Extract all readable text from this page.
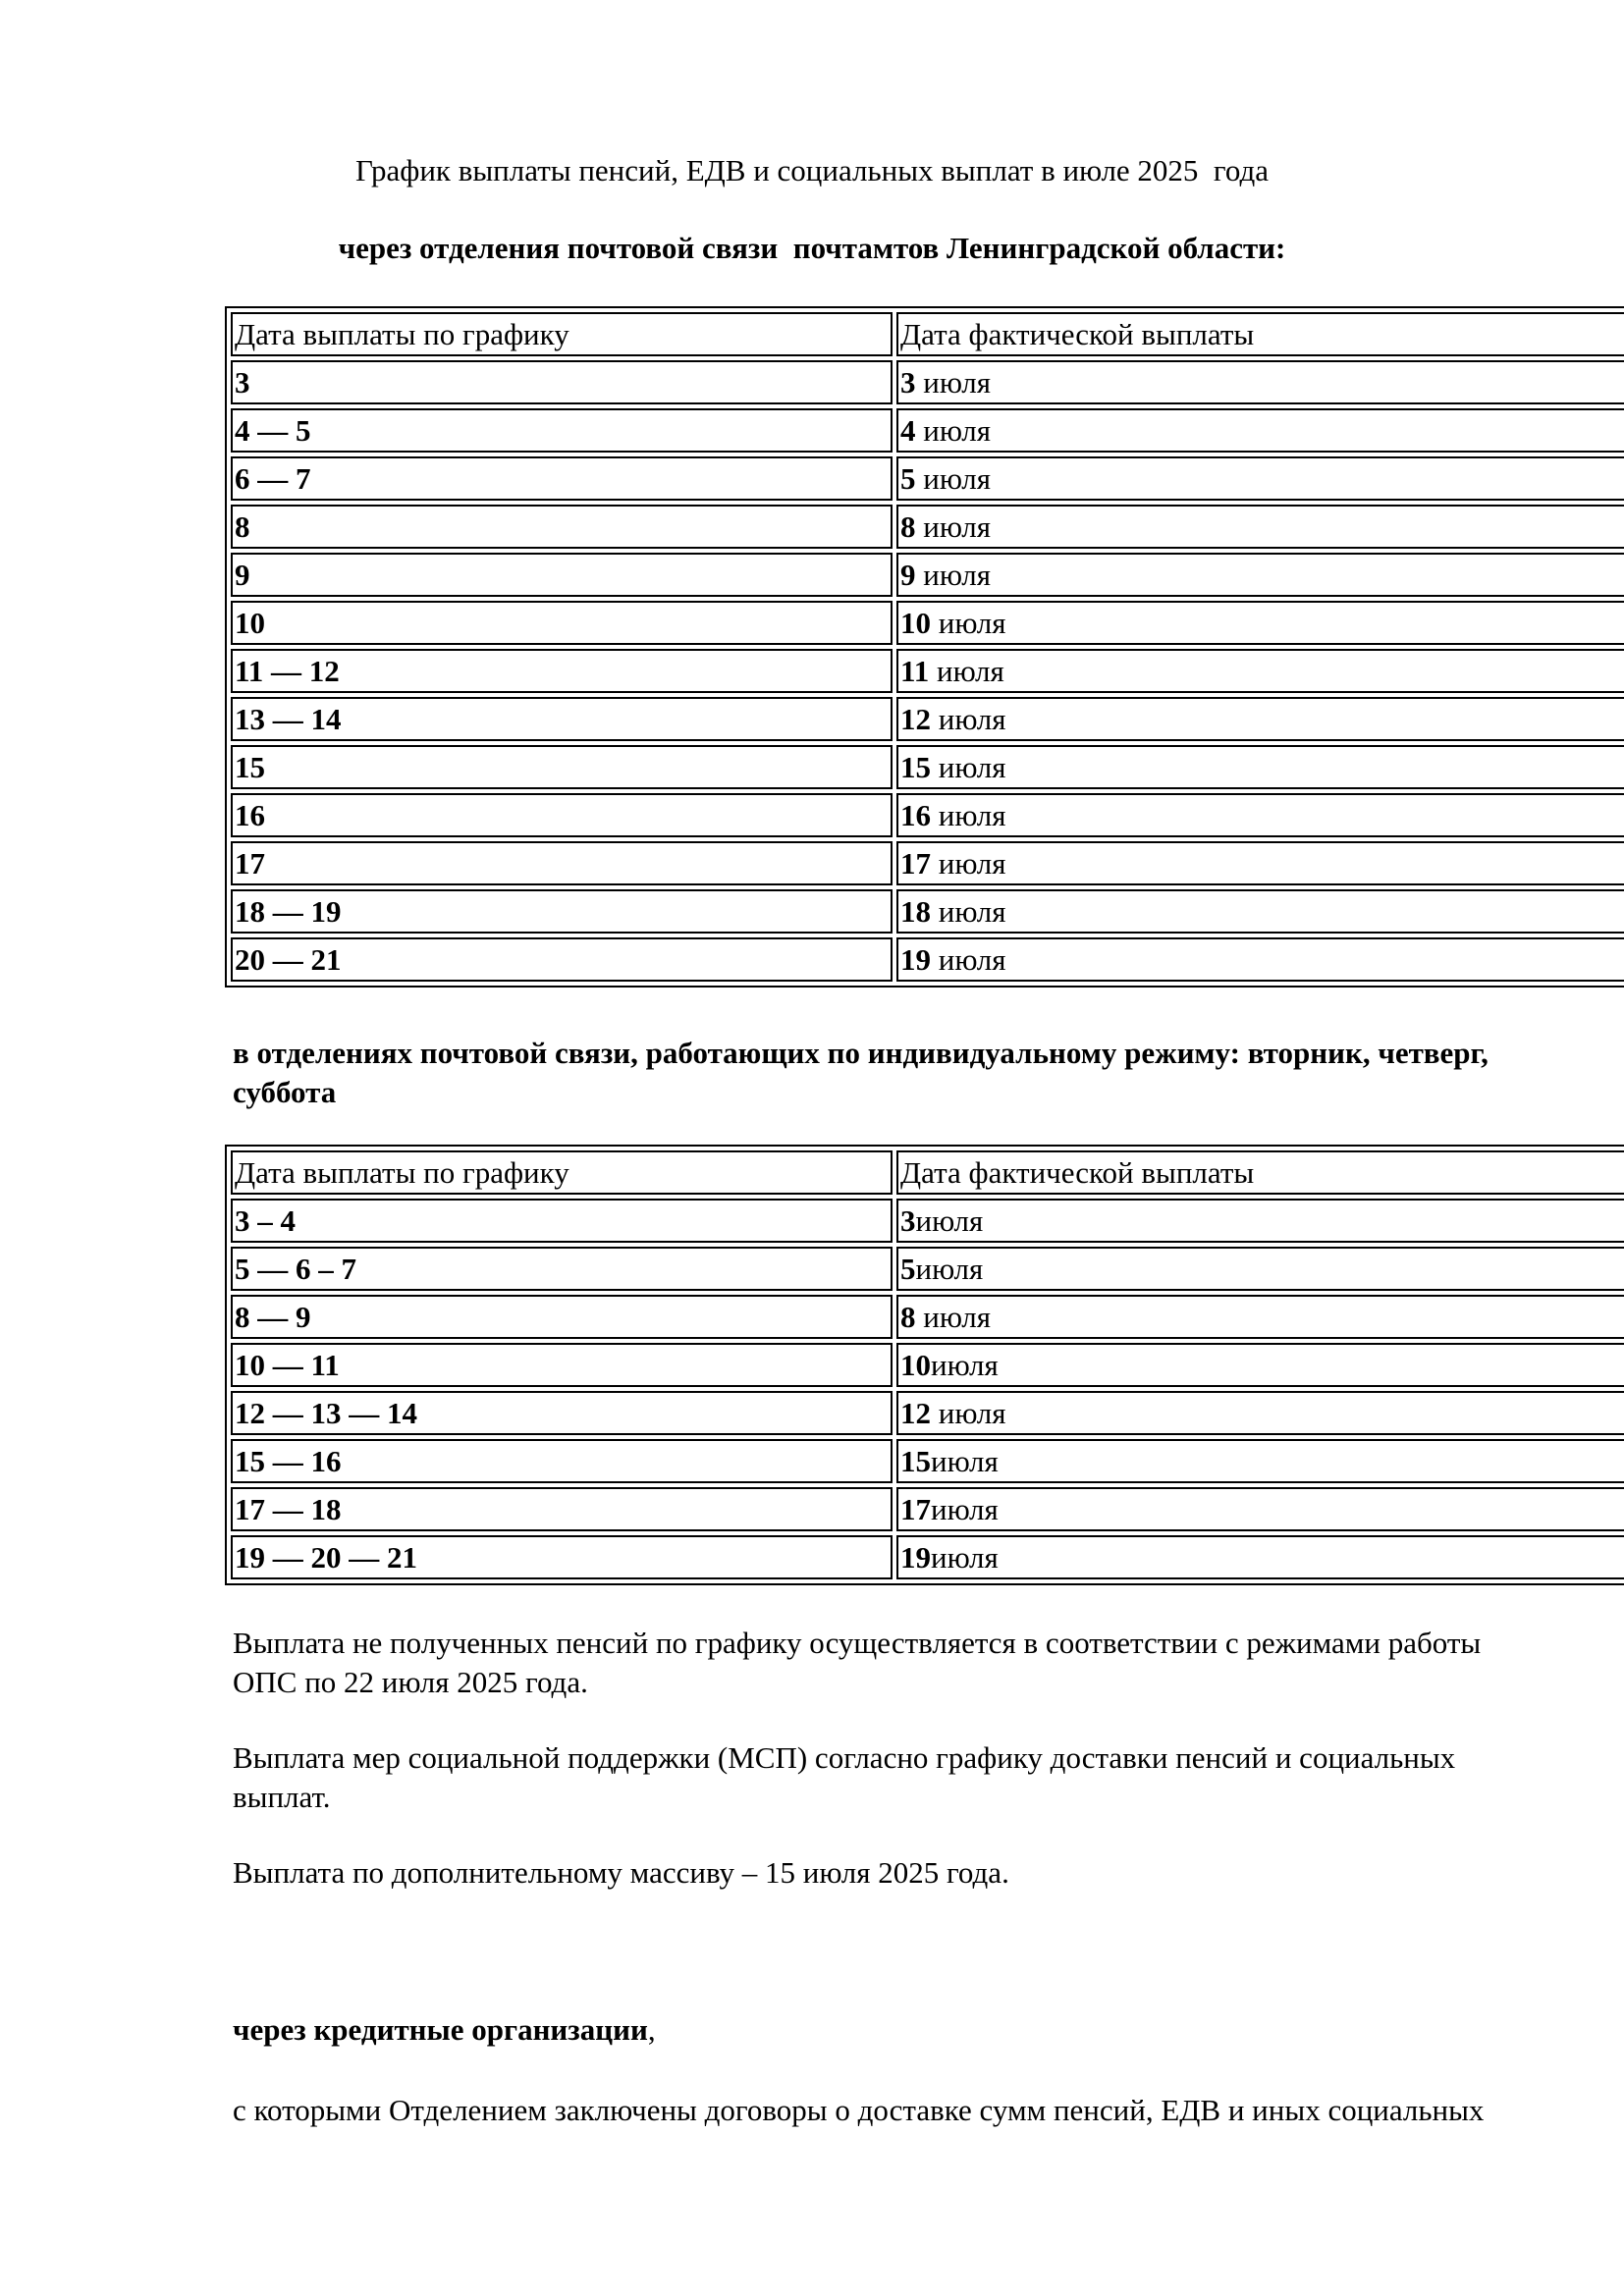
График выплаты пенсий, ЕДВ и социальных выплат в июле 2025  года

через отделения почтовой связи  почтамтов Ленинградской области:

Дата выплаты по графику	Дата фактической выплаты
3	3 июля
4 — 5	4 июля
6 — 7	5 июля
8	8 июля
9	9 июля
10	10 июля
11 — 12	11 июля
13 — 14	12 июля
15	15 июля
16	16 июля
17	17 июля
18 — 19	18 июля
20 — 21	19 июля

в отделениях почтовой связи, работающих по индивидуальному режиму: вторник, четверг, суббота

Дата выплаты по графику	Дата фактической выплаты
3 – 4	3июля
5 — 6 – 7	5июля
8 — 9	8 июля
10 — 11	10июля
12 — 13 — 14	12 июля
15 — 16	15июля
17 — 18	17июля
19 — 20 — 21	19июля

Выплата не полученных пенсий по графику осуществляется в соответствии с режимами работы ОПС по 22 июля 2025 года.

Выплата мер социальной поддержки (МСП) согласно графику доставки пенсий и социальных выплат.

Выплата по дополнительному массиву – 15 июля 2025 года.

через кредитные организации,

с которыми Отделением заключены договоры о доставке сумм пенсий, ЕДВ и иных социальных
